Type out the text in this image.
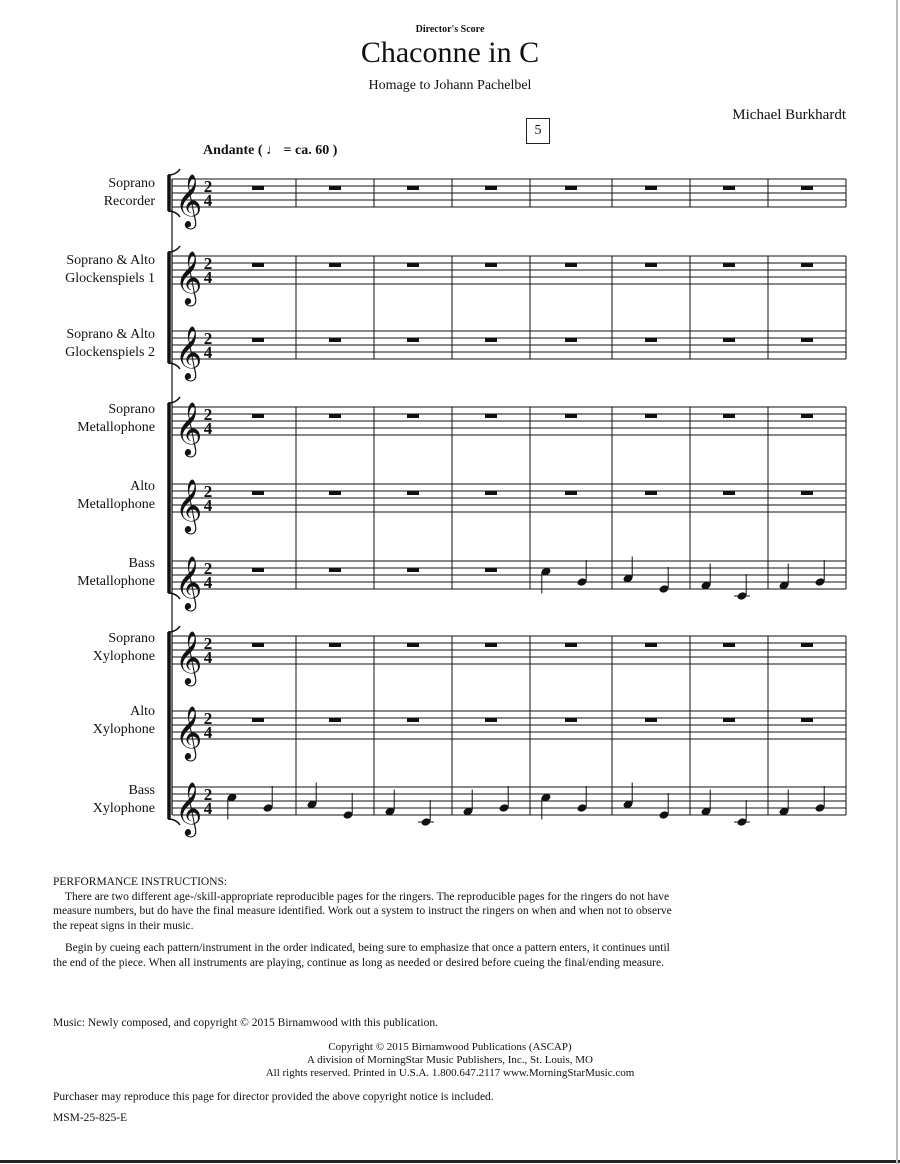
Director's Score
Chaconne in C
Homage to Johann Pachelbel
Michael Burkhardt
5
Andante ( ♩ = ca. 60 )
Soprano
Recorder
Soprano & Alto
Glockenspiels 1
Soprano & Alto
Glockenspiels 2
Soprano
Metallophone
Alto
Metallophone
Bass
Metallophone
Soprano
Xylophone
Alto
Xylophone
Bass
Xylophone
𝄞 2
4
𝄞 2
4
𝄞 2
4
𝄞 2
4
𝄞 2
4
𝄞 2
4
𝄞 2
4
𝄞 2
4
𝄞 2
4

PERFORMANCE INSTRUCTIONS:

There are two different age-/skill-appropriate reproducible pages for the ringers. The reproducible pages for the ringers do not have measure numbers, but do have the final measure identified. Work out a system to instruct the ringers on when and when not to observe the repeat signs in their music.

Begin by cueing each pattern/instrument in the order indicated, being sure to emphasize that once a pattern enters, it continues until the end of the piece. When all instruments are playing, continue as long as needed or desired before cueing the final/ending measure.

Music: Newly composed, and copyright © 2015 Birnamwood with this publication.
Copyright © 2015 Birnamwood Publications (ASCAP)
A division of MorningStar Music Publishers, Inc., St. Louis, MO
All rights reserved. Printed in U.S.A. 1.800.647.2117 www.MorningStarMusic.com
Purchaser may reproduce this page for director provided the above copyright notice is included.
MSM-25-825-E
